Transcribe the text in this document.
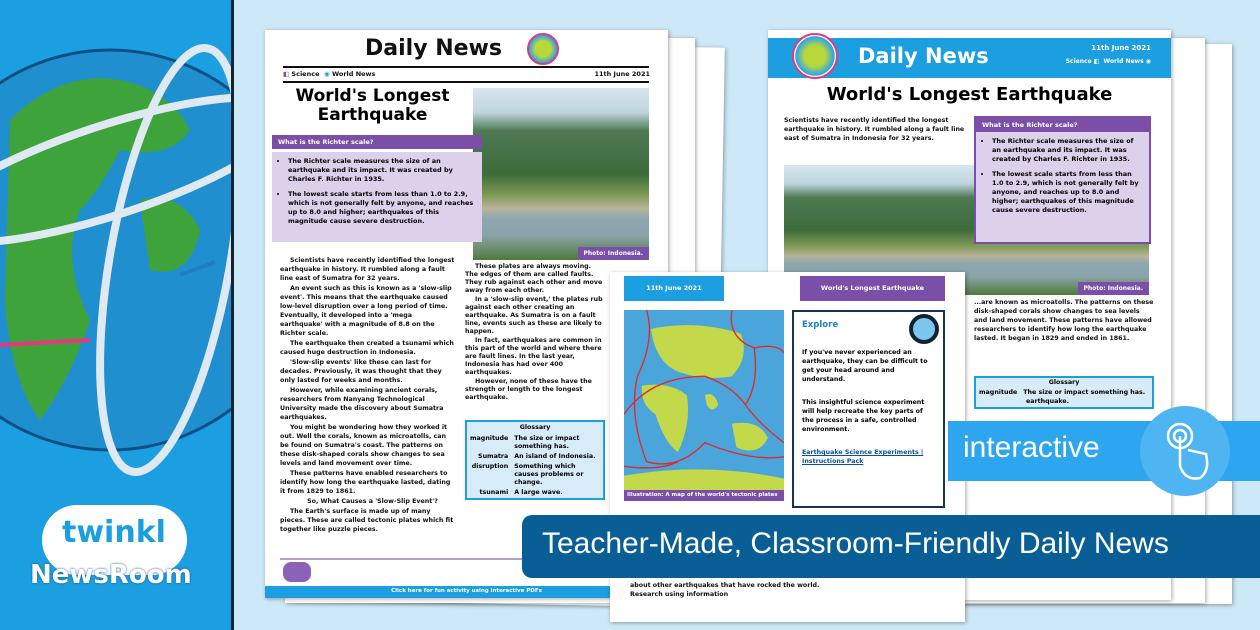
twinkl
NewsRoom
Daily News
◧ Science ◉ World News	11th June 2021
World's Longest Earthquake
Photo: Indonesia.
What is the Richter scale?
• The Richter scale measures the size of an earthquake and its impact. It was created by Charles F. Richter in 1935.
• The lowest scale starts from less than 1.0 to 2.9, which is not generally felt by anyone, and reaches up to 8.0 and higher; earthquakes of this magnitude cause severe destruction.

Scientists have recently identified the longest earthquake in history. It rumbled along a fault line east of Sumatra for 32 years.

An event such as this is known as a 'slow-slip event'. This means that the earthquake caused low-level disruption over a long period of time. Eventually, it developed into a 'mega earthquake' with a magnitude of 8.8 on the Richter scale.

The earthquake then created a tsunami which caused huge destruction in Indonesia.

'Slow-slip events' like these can last for decades. Previously, it was thought that they only lasted for weeks and months.

However, while examining ancient corals, researchers from Nanyang Technological University made the discovery about Sumatra earthquakes.

You might be wondering how they worked it out. Well the corals, known as microatolls, can be found on Sumatra's coast. The patterns on these disk-shaped corals show changes to sea levels and land movement over time.

These patterns have enabled researchers to identify how long the earthquake lasted, dating it from 1829 to 1861.

So, What Causes a 'Slow-Slip Event'?

The Earth's surface is made up of many pieces. These are called tectonic plates which fit together like puzzle pieces.

These plates are always moving. The edges of them are called faults. They rub against each other and move away from each other.

In a 'slow-slip event,' the plates rub against each other creating an earthquake. As Sumatra is on a fault line, events such as these are likely to happen.

In fact, earthquakes are common in this part of the world and where there are fault lines. In the last year, Indonesia has had over 400 earthquakes.

However, none of these have the strength or length to the longest earthquake.

Glossary
magnitude	The size or impact something has.
Sumatra	An island of Indonesia.
disruption	Something which causes problems or change.
tsunami	A large wave.
Click here for fun activity using interactive PDFs
Daily News	11th June 2021
Science ◧  World News ◉
World's Longest Earthquake
Scientists have recently identified the longest earthquake in history. It rumbled along a fault line east of Sumatra in Indonesia for 32 years.
Photo: Indonesia.
What is the Richter scale?
• The Richter scale measures the size of an earthquake and its impact. It was created by Charles F. Richter in 1935.
• The lowest scale starts from less than 1.0 to 2.9, which is not generally felt by anyone, and reaches up to 8.0 and higher; earthquakes of this magnitude cause severe destruction.
...are known as microatolls. The patterns on these disk-shaped corals show changes to sea levels and land movement. These patterns have allowed researchers to identify how long the earthquake lasted. It began in 1829 and ended in 1861.
Glossary
magnitude	The size or impact something has.
earthquake.
11th June 2021	World's Longest Earthquake
Illustration: A map of the world's tectonic plates
Explore
If you've never experienced an earthquake, they can be difficult to get your head around and understand.
This insightful science experiment will help recreate the key parts of the process in a safe, controlled environment.
Earthquake Science Experiments | Instructions Pack
about other earthquakes that have rocked the world. Research using information
interactive
Teacher-Made, Classroom-Friendly Daily News
